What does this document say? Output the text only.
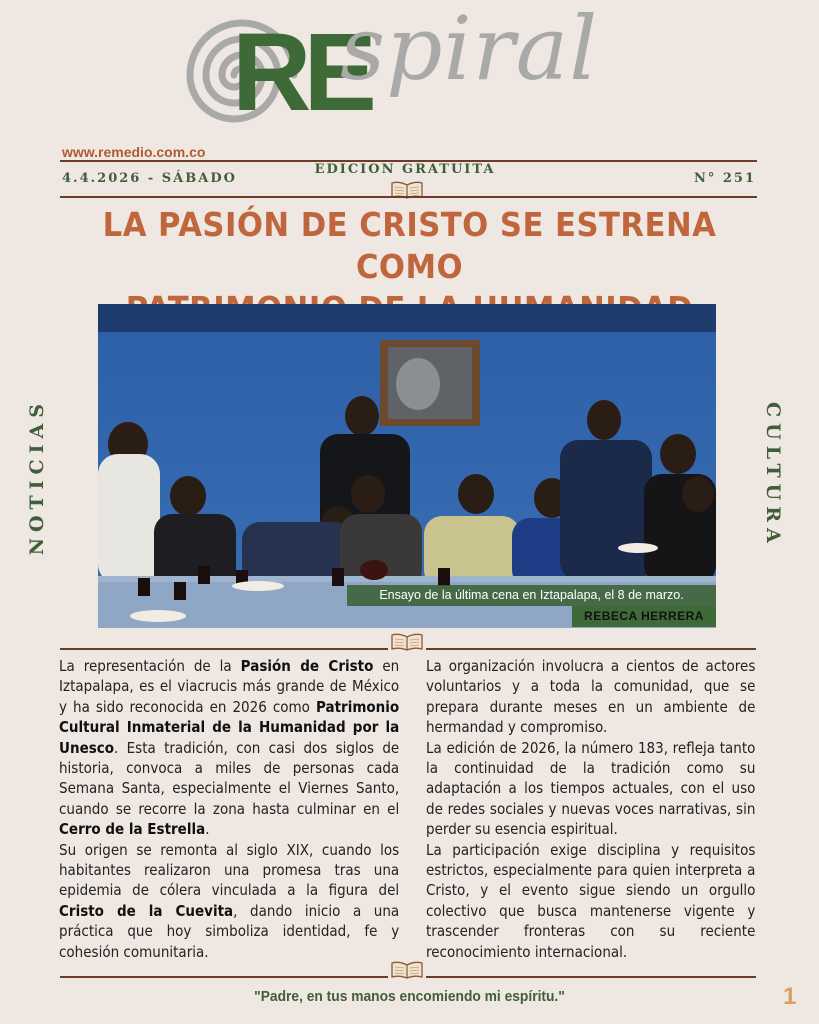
RE
spiral
www.remedio.com.co
EDICIÓN GRATUITA
4.4.2026 - SÁBADO	N° 251
LA PASIÓN DE CRISTO SE ESTRENA COMO
NOTICIAS	CULTURA
Ensayo de la última cena en Iztapalapa, el 8 de marzo.
REBECA HERRERA

La representación de la Pasión de Cristo en Iztapalapa, es el viacrucis más grande de México y ha sido reconocida en 2026 como Patrimonio Cultural Inmaterial de la Humanidad por la Unesco. Esta tradición, con casi dos siglos de historia, convoca a miles de personas cada Semana Santa, especialmente el Viernes Santo, cuando se recorre la zona hasta culminar en el Cerro de la Estrella.

Su origen se remonta al siglo XIX, cuando los habitantes realizaron una promesa tras una epidemia de cólera vinculada a la figura del Cristo de la Cuevita, dando inicio a una práctica que hoy simboliza identidad, fe y cohesión comunitaria.

La organización involucra a cientos de actores voluntarios y a toda la comunidad, que se prepara durante meses en un ambiente de hermandad y compromiso.

La edición de 2026, la número 183, refleja tanto la continuidad de la tradición como su adaptación a los tiempos actuales, con el uso de redes sociales y nuevas voces narrativas, sin perder su esencia espiritual.

La participación exige disciplina y requisitos estrictos, especialmente para quien interpreta a Cristo, y el evento sigue siendo un orgullo colectivo que busca mantenerse vigente y trascender fronteras con su reciente reconocimiento internacional.

"Padre, en tus manos encomiendo mi espíritu."	1
